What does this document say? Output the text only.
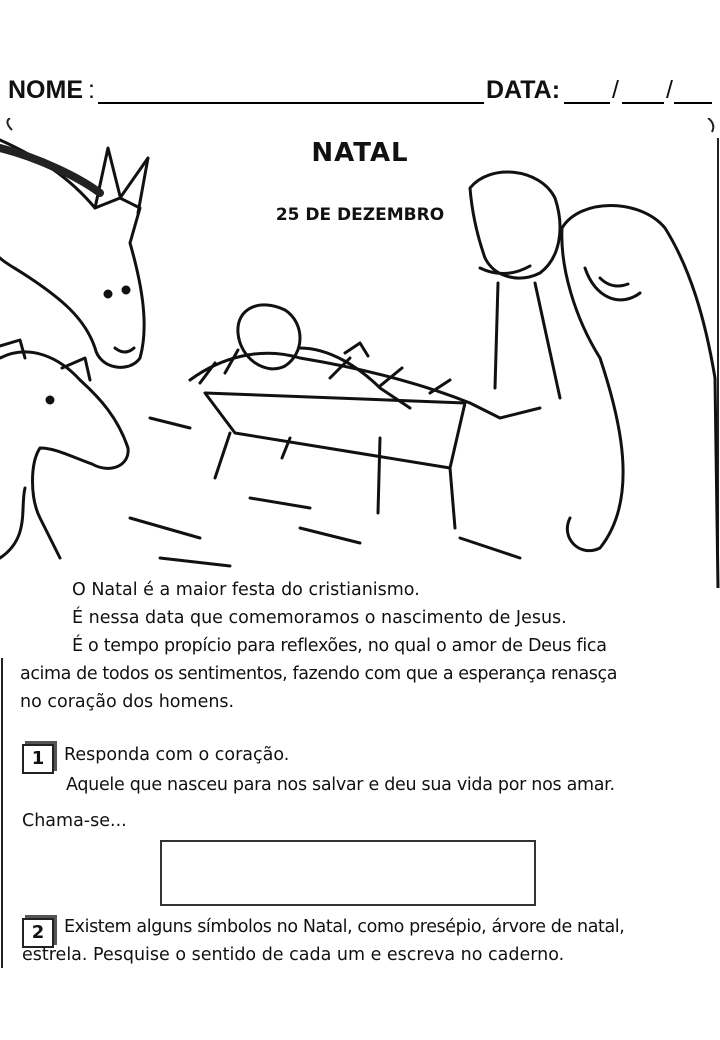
NOME :	DATA: / /
NATAL
25 DE DEZEMBRO
O Natal é a maior festa do cristianismo.
É nessa data que comemoramos o nascimento de Jesus.
É o tempo propício para reflexões, no qual o amor de Deus fica
acima de todos os sentimentos, fazendo com que a esperança renasça
no coração dos homens.
1	Responda com o coração.
Aquele que nasceu para nos salvar e deu sua vida por nos amar.
Chama-se...
2	Existem alguns símbolos no Natal, como presépio, árvore de natal,
estrela. Pesquise o sentido de cada um e escreva no caderno.
